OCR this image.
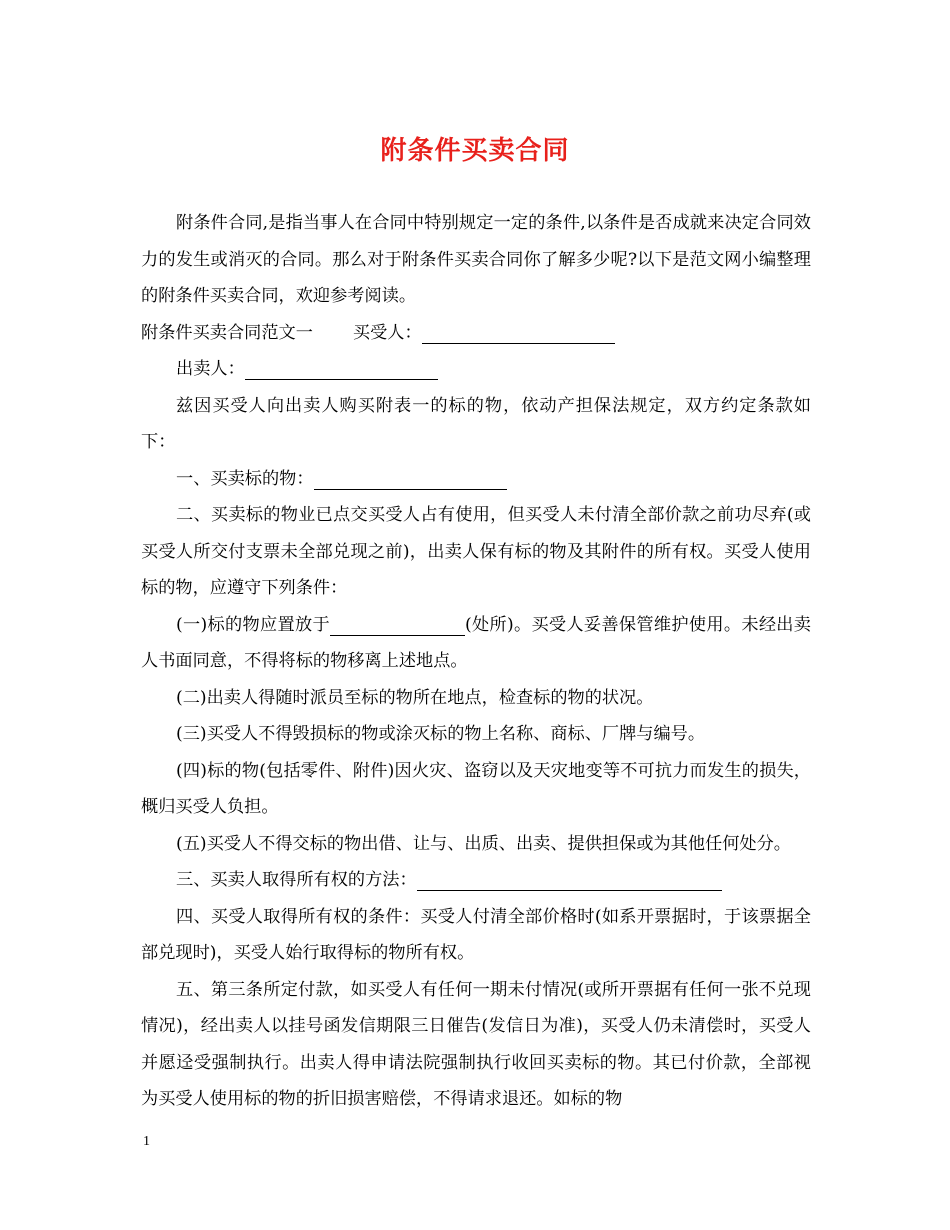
附条件买卖合同
附条件合同,是指当事人在合同中特别规定一定的条件,以条件是否成就来决定合同效力的发生或消灭的合同。那么对于附条件买卖合同你了解多少呢?以下是范文网小编整理的附条件买卖合同，欢迎参考阅读。
附条件买卖合同范文一 买受人：
出卖人：
兹因买受人向出卖人购买附表一的标的物，依动产担保法规定，双方约定条款如下：
一、买卖标的物：
二、买卖标的物业已点交买受人占有使用，但买受人未付清全部价款之前功尽弃(或买受人所交付支票未全部兑现之前)，出卖人保有标的物及其附件的所有权。买受人使用标的物，应遵守下列条件：
(一)标的物应置放于	(处所)。买受人妥善保管维护使用。未经出卖人书面同意，不得将标的物移离上述地点。
(二)出卖人得随时派员至标的物所在地点，检查标的物的状况。
(三)买受人不得毁损标的物或涂灭标的物上名称、商标、厂牌与编号。
(四)标的物(包括零件、附件)因火灾、盗窃以及天灾地变等不可抗力而发生的损失，概归买受人负担。
(五)买受人不得交标的物出借、让与、出质、出卖、提供担保或为其他任何处分。
三、买卖人取得所有权的方法：
四、买受人取得所有权的条件：买受人付清全部价格时(如系开票据时，于该票据全部兑现时)，买受人始行取得标的物所有权。
五、第三条所定付款，如买受人有任何一期未付情况(或所开票据有任何一张不兑现情况)，经出卖人以挂号函发信期限三日催告(发信日为准)，买受人仍未清偿时，买受人并愿迳受强制执行。出卖人得申请法院强制执行收回买卖标的物。其已付价款，全部视为买受人使用标的物的折旧损害赔偿，不得请求退还。如标的物
1
